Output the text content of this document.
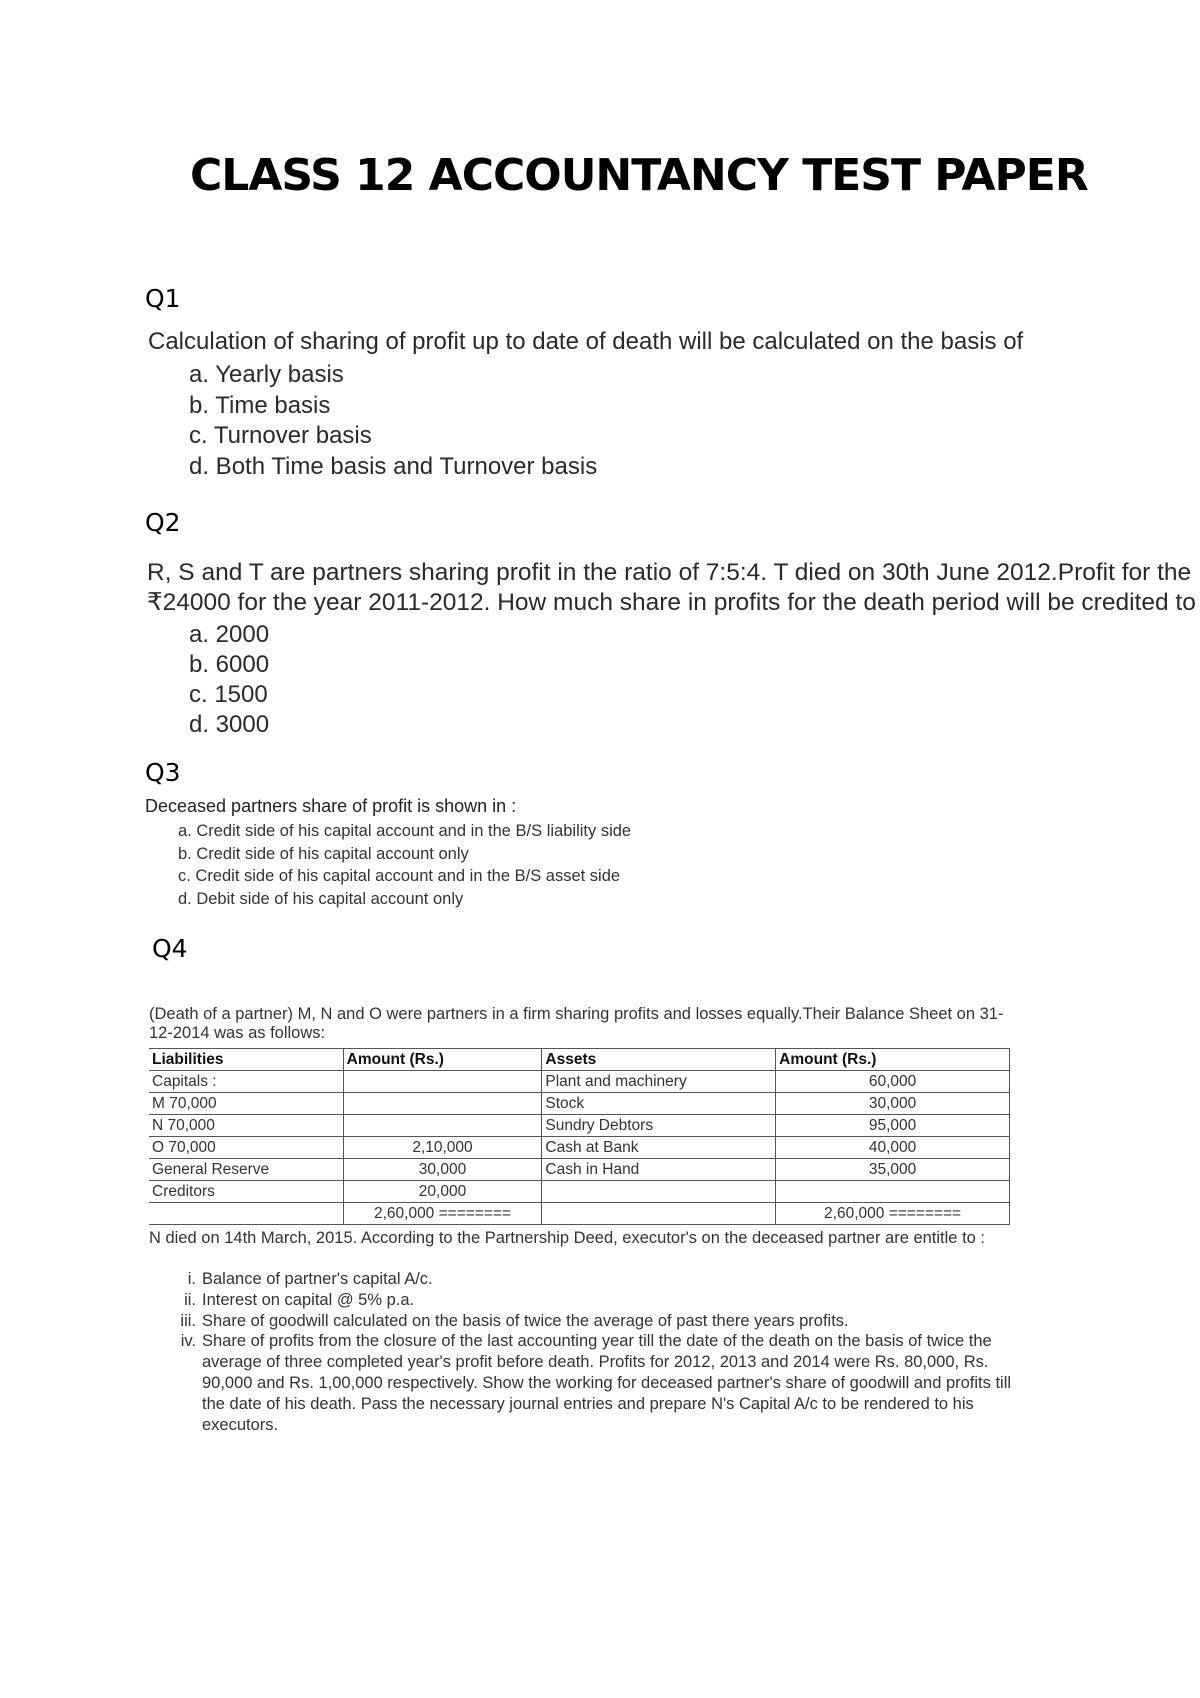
CLASS 12 ACCOUNTANCY TEST PAPER
Q1

Calculation of sharing of profit up to date of death will be calculated on the basis of

a. Yearly basis
b. Time basis
c. Turnover basis
d. Both Time basis and Turnover basis
Q2
R, S and T are partners sharing profit in the ratio of 7:5:4. T died on 30th June 2012.Profit for the
₹24000 for the year 2011-2012. How much share in profits for the death period will be credited to
a. 2000
b. 6000
c. 1500
d. 3000
Q3

Deceased partners share of profit is shown in :

a. Credit side of his capital account and in the B/S liability side
b. Credit side of his capital account only
c. Credit side of his capital account and in the B/S asset side
d. Debit side of his capital account only
Q4

(Death of a partner) M, N and O were partners in a firm sharing profits and losses equally.Their Balance Sheet on 31-12-2014 was as follows:

Liabilities	Amount (Rs.)	Assets	Amount (Rs.)
Capitals :		Plant and machinery	60,000
M 70,000		Stock	30,000
N 70,000		Sundry Debtors	95,000
O 70,000	2,10,000	Cash at Bank	40,000
General Reserve	30,000	Cash in Hand	35,000
Creditors	20,000		
	2,60,000 ========		2,60,000 ========

N died on 14th March, 2015. According to the Partnership Deed, executor's on the deceased partner are entitle to :

i. Balance of partner's capital A/c.
ii. Interest on capital @ 5% p.a.
iii. Share of goodwill calculated on the basis of twice the average of past there years profits.
iv. Share of profits from the closure of the last accounting year till the date of the death on the basis of twice the average of three completed year's profit before death. Profits for 2012, 2013 and 2014 were Rs. 80,000, Rs. 90,000 and Rs. 1,00,000 respectively. Show the working for deceased partner's share of goodwill and profits till the date of his death. Pass the necessary journal entries and prepare N's Capital A/c to be rendered to his executors.
